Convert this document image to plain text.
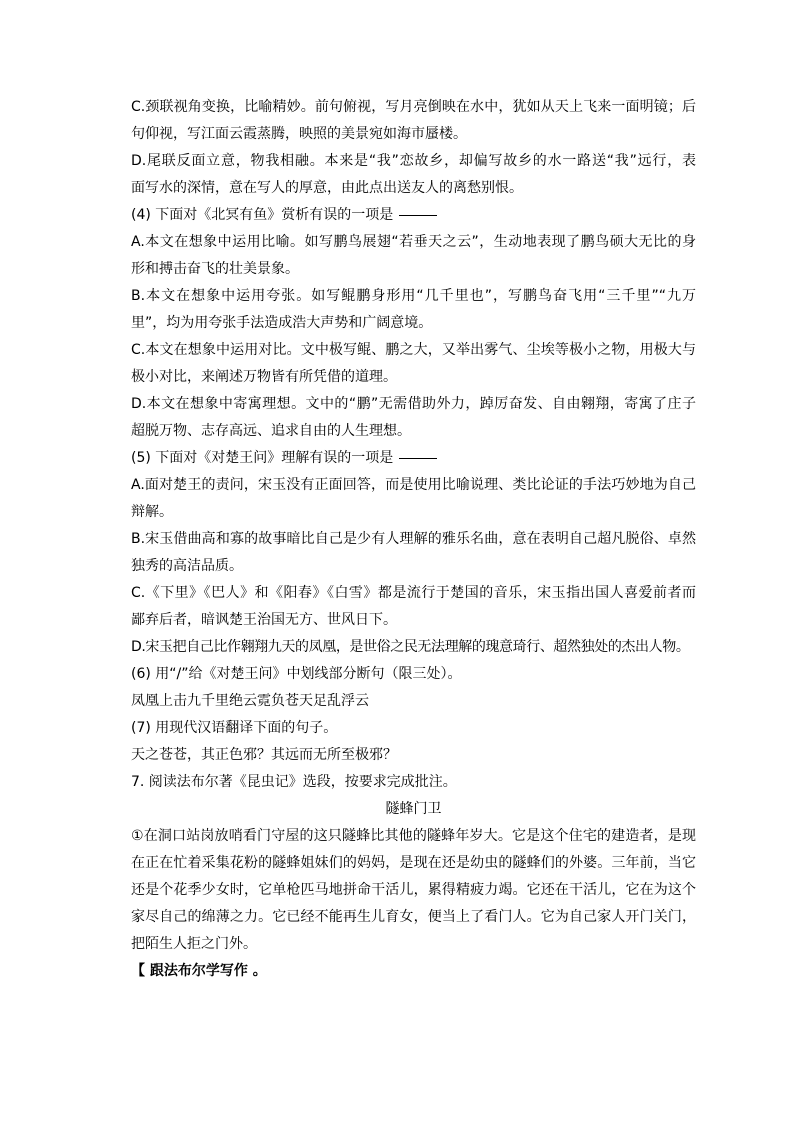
C.颈联视角变换，比喻精妙。前句俯视，写月亮倒映在水中，犹如从天上飞来一面明镜；后
句仰视，写江面云霞蒸腾，映照的美景宛如海市蜃楼。
D.尾联反面立意，物我相融。本来是“我”恋故乡，却偏写故乡的水一路送“我”远行，表
面写水的深情，意在写人的厚意，由此点出送友人的离愁别恨。
(4) 下面对《北冥有鱼》赏析有误的一项是
A.本文在想象中运用比喻。如写鹏鸟展翅“若垂天之云”，生动地表现了鹏鸟硕大无比的身
形和搏击奋飞的壮美景象。
B.本文在想象中运用夸张。如写鲲鹏身形用“几千里也”，写鹏鸟奋飞用“三千里”“九万
里”，均为用夸张手法造成浩大声势和广阔意境。
C.本文在想象中运用对比。文中极写鲲、鹏之大，又举出雾气、尘埃等极小之物，用极大与
极小对比，来阐述万物皆有所凭借的道理。
D.本文在想象中寄寓理想。文中的“鹏”无需借助外力，踔厉奋发、自由翱翔，寄寓了庄子
超脱万物、志存高远、追求自由的人生理想。
(5) 下面对《对楚王问》理解有误的一项是
A.面对楚王的责问，宋玉没有正面回答，而是使用比喻说理、类比论证的手法巧妙地为自己
辩解。
B.宋玉借曲高和寡的故事暗比自己是少有人理解的雅乐名曲，意在表明自己超凡脱俗、卓然
独秀的高洁品质。
C.《下里》《巴人》和《阳春》《白雪》都是流行于楚国的音乐，宋玉指出国人喜爱前者而
鄙弃后者，暗讽楚王治国无方、世风日下。
D.宋玉把自己比作翱翔九天的凤凰，是世俗之民无法理解的瑰意琦行、超然独处的杰出人物。
(6) 用“/”给《对楚王问》中划线部分断句（限三处）。
凤凰上击九千里绝云霓负苍天足乱浮云
(7) 用现代汉语翻译下面的句子。
天之苍苍，其正色邪？其远而无所至极邪？
7. 阅读法布尔著《昆虫记》选段，按要求完成批注。
隧蜂门卫
①在洞口站岗放哨看门守屋的这只隧蜂比其他的隧蜂年岁大。它是这个住宅的建造者，是现
在正在忙着采集花粉的隧蜂姐妹们的妈妈，是现在还是幼虫的隧蜂们的外婆。三年前，当它
还是个花季少女时，它单枪匹马地拼命干活儿，累得精疲力竭。它还在干活儿，它在为这个
家尽自己的绵薄之力。它已经不能再生儿育女，便当上了看门人。它为自己家人开门关门，
把陌生人拒之门外。
【 跟法布尔学写作 。
